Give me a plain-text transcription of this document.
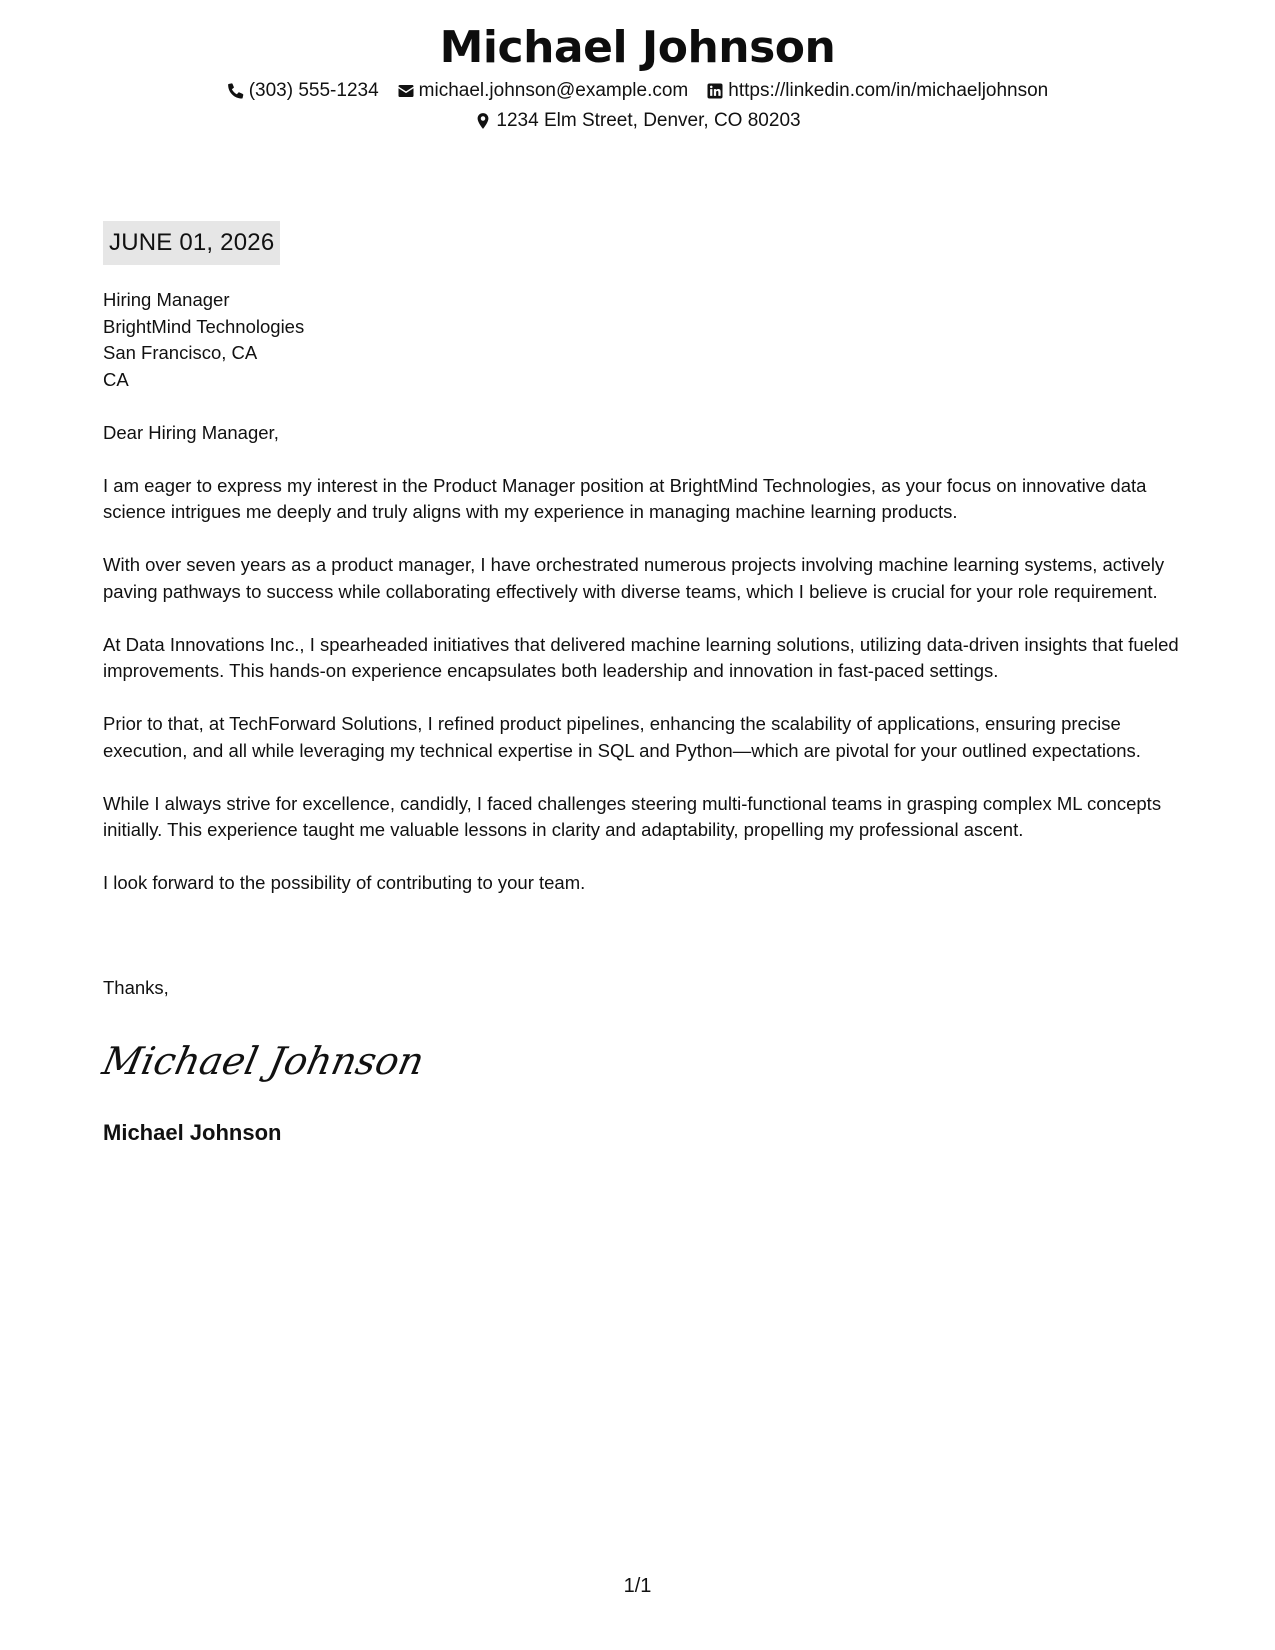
Michael Johnson
(303) 555-1234 michael.johnson@example.com https://linkedin.com/in/michaeljohnson
1234 Elm Street, Denver, CO 80203
JUNE 01, 2026
Hiring Manager
BrightMind Technologies
San Francisco, CA
CA

Dear Hiring Manager,

I am eager to express my interest in the Product Manager position at BrightMind Technologies, as your focus on innovative data science intrigues me deeply and truly aligns with my experience in managing machine learning products.

With over seven years as a product manager, I have orchestrated numerous projects involving machine learning systems, actively paving pathways to success while collaborating effectively with diverse teams, which I believe is crucial for your role requirement.

At Data Innovations Inc., I spearheaded initiatives that delivered machine learning solutions, utilizing data-driven insights that fueled improvements. This hands-on experience encapsulates both leadership and innovation in fast-paced settings.

Prior to that, at TechForward Solutions, I refined product pipelines, enhancing the scalability of applications, ensuring precise execution, and all while leveraging my technical expertise in SQL and Python—which are pivotal for your outlined expectations.

While I always strive for excellence, candidly, I faced challenges steering multi-functional teams in grasping complex ML concepts initially. This experience taught me valuable lessons in clarity and adaptability, propelling my professional ascent.

I look forward to the possibility of contributing to your team.

Thanks,
Michael Johnson
Michael Johnson
1/1
